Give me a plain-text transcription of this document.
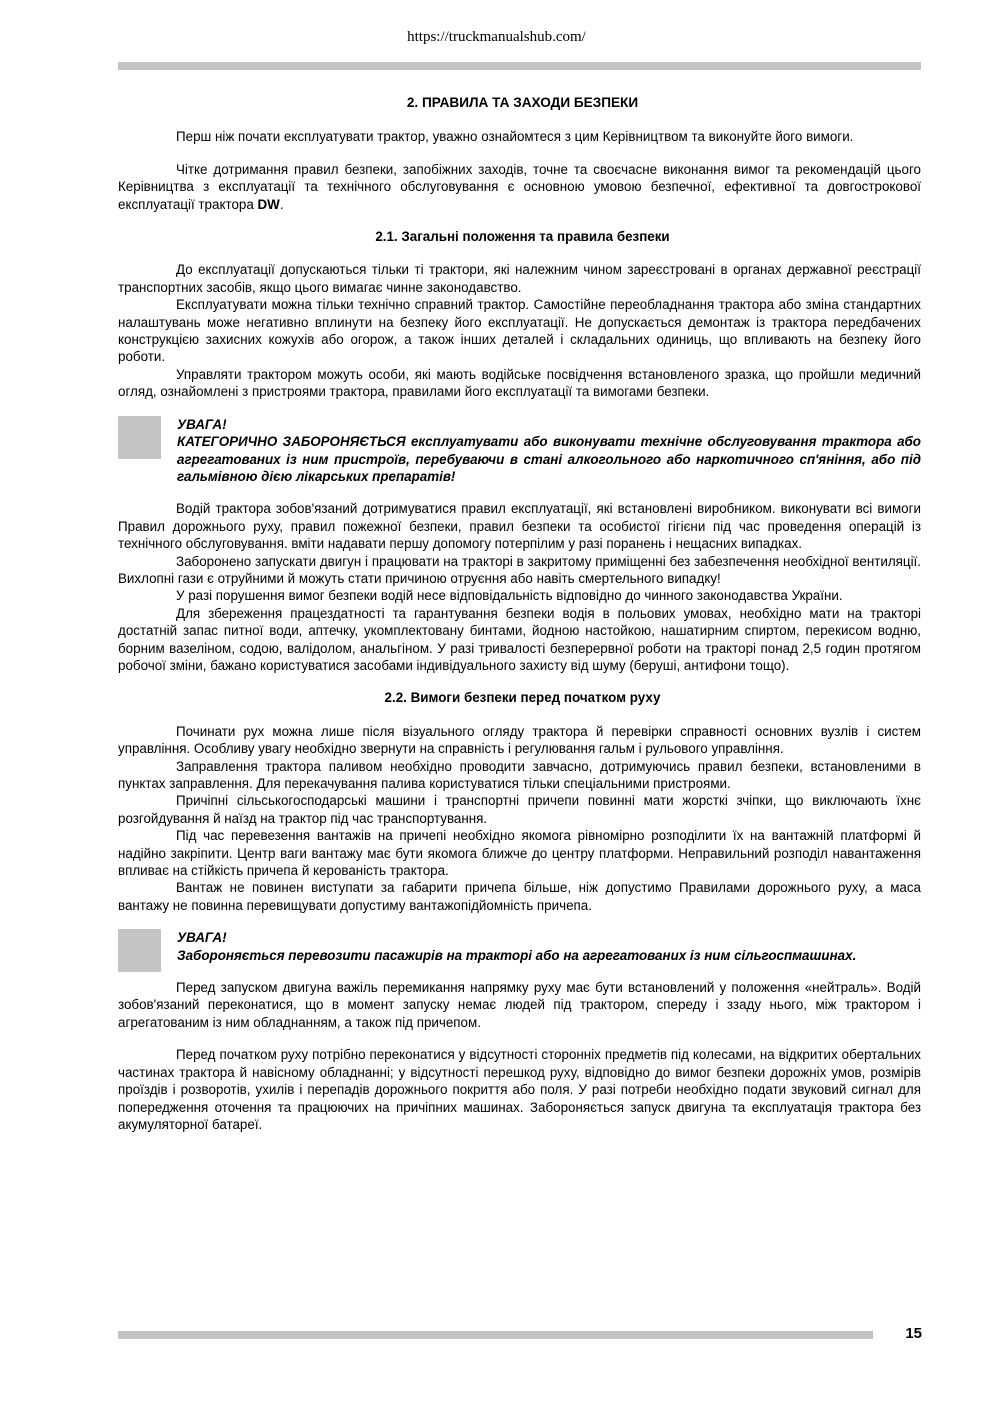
https://truckmanualshub.com/
2. ПРАВИЛА ТА ЗАХОДИ БЕЗПЕКИ

Перш ніж почати експлуатувати трактор, уважно ознайомтеся з цим Керівництвом та виконуйте його вимоги.

Чітке дотримання правил безпеки, запобіжних заходів, точне та своєчасне виконання вимог та рекомендацій цього Керівництва з експлуатації та технічного обслуговування є основною умовою безпечної, ефективної та довгострокової експлуатації трактора DW.

2.1. Загальні положення та правила безпеки

До експлуатації допускаються тільки ті трактори, які належним чином зареєстровані в органах державної реєстрації транспортних засобів, якщо цього вимагає чинне законодавство.

Експлуатувати можна тільки технічно справний трактор. Самостійне переобладнання трактора або зміна стандартних налаштувань може негативно вплинути на безпеку його експлуатації. Не допускається демонтаж із трактора передбачених конструкцією захисних кожухів або огорож, а також інших деталей і складальних одиниць, що впливають на безпеку його роботи.

Управляти трактором можуть особи, які мають водійське посвідчення встановленого зразка, що пройшли медичний огляд, ознайомлені з пристроями трактора, правилами його експлуатації та вимогами безпеки.

УВАГА!
КАТЕГОРИЧНО ЗАБОРОНЯЄТЬСЯ експлуатувати або виконувати технічне обслуговування трактора або агрегатованих із ним пристроїв, перебуваючи в стані алкогольного або наркотичного сп'яніння, або під гальмівною дією лікарських препаратів!

Водій трактора зобов'язаний дотримуватися правил експлуатації, які встановлені виробником. виконувати всі вимоги Правил дорожнього руху, правил пожежної безпеки, правил безпеки та особистої гігієни під час проведення операцій із технічного обслуговування. вміти надавати першу допомогу потерпілим у разі поранень і нещасних випадках.

Заборонено запускати двигун і працювати на тракторі в закритому приміщенні без забезпечення необхідної вентиляції. Вихлопні гази є отруйними й можуть стати причиною отруєння або навіть смертельного випадку!

У разі порушення вимог безпеки водій несе відповідальність відповідно до чинного законодавства України.

Для збереження працездатності та гарантування безпеки водія в польових умовах, необхідно мати на тракторі достатній запас питної води, аптечку, укомплектовану бинтами, йодною настойкою, нашатирним спиртом, перекисом водню, борним вазеліном, содою, валідолом, анальгіном. У разі тривалості безперервної роботи на тракторі понад 2,5 годин протягом робочої зміни, бажано користуватися засобами індивідуального захисту від шуму (беруші, антифони тощо).

2.2. Вимоги безпеки перед початком руху

Починати рух можна лише після візуального огляду трактора й перевірки справності основних вузлів і систем управління. Особливу увагу необхідно звернути на справність і регулювання гальм і рульового управління.

Заправлення трактора паливом необхідно проводити завчасно, дотримуючись правил безпеки, встановленими в пунктах заправлення. Для перекачування палива користуватися тільки спеціальними пристроями.

Причіпні сільськогосподарські машини і транспортні причепи повинні мати жорсткі зчіпки, що виключають їхнє розгойдування й наїзд на трактор під час транспортування.

Під час перевезення вантажів на причепі необхідно якомога рівномірно розподілити їх на вантажній платформі й надійно закріпити. Центр ваги вантажу має бути якомога ближче до центру платформи. Неправильний розподіл навантаження впливає на стійкість причепа й керованість трактора.

Вантаж не повинен виступати за габарити причепа більше, ніж допустимо Правилами дорожнього руху, а маса вантажу не повинна перевищувати допустиму вантажопідйомність причепа.

УВАГА!
Забороняється перевозити пасажирів на тракторі або на агрегатованих із ним сільгоспмашинах.

Перед запуском двигуна важіль перемикання напрямку руху має бути встановлений у положення «нейтраль». Водій зобов'язаний переконатися, що в момент запуску немає людей під трактором, спереду і ззаду нього, між трактором і агрегатованим із ним обладнанням, а також під причепом.

Перед початком руху потрібно переконатися у відсутності сторонніх предметів під колесами, на відкритих обертальних частинах трактора й навісному обладнанні; у відсутності перешкод руху, відповідно до вимог безпеки дорожніх умов, розмірів проїздів і розворотів, ухилів і перепадів дорожнього покриття або поля. У разі потреби необхідно подати звуковий сигнал для попередження оточення та працюючих на причіпних машинах. Забороняється запуск двигуна та експлуатація трактора без акумуляторної батареї.

15
